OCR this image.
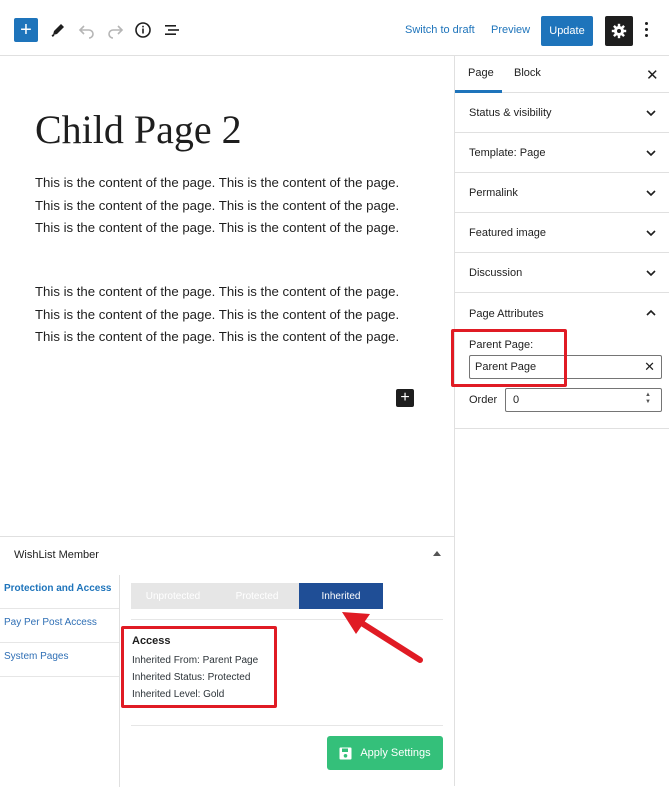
+	Switch to draft Preview	Update
Child Page 2

This is the content of the page. This is the content of the page. This is the content of the page. This is the content of the page. This is the content of the page. This is the content of the page.

This is the content of the page. This is the content of the page. This is the content of the page. This is the content of the page. This is the content of the page. This is the content of the page.

+
Page Block	✕
Status & visibility
Template: Page
Permalink
Featured image
Discussion
Page Attributes
Parent Page:
Parent Page	✕
Order	0	▲
▼
WishList Member
Protection and Access
Pay Per Post Access
System Pages
Unprotected	Protected	Inherited
Access
Inherited From: Parent Page
Inherited Status: Protected
Inherited Level: Gold
Apply Settings
